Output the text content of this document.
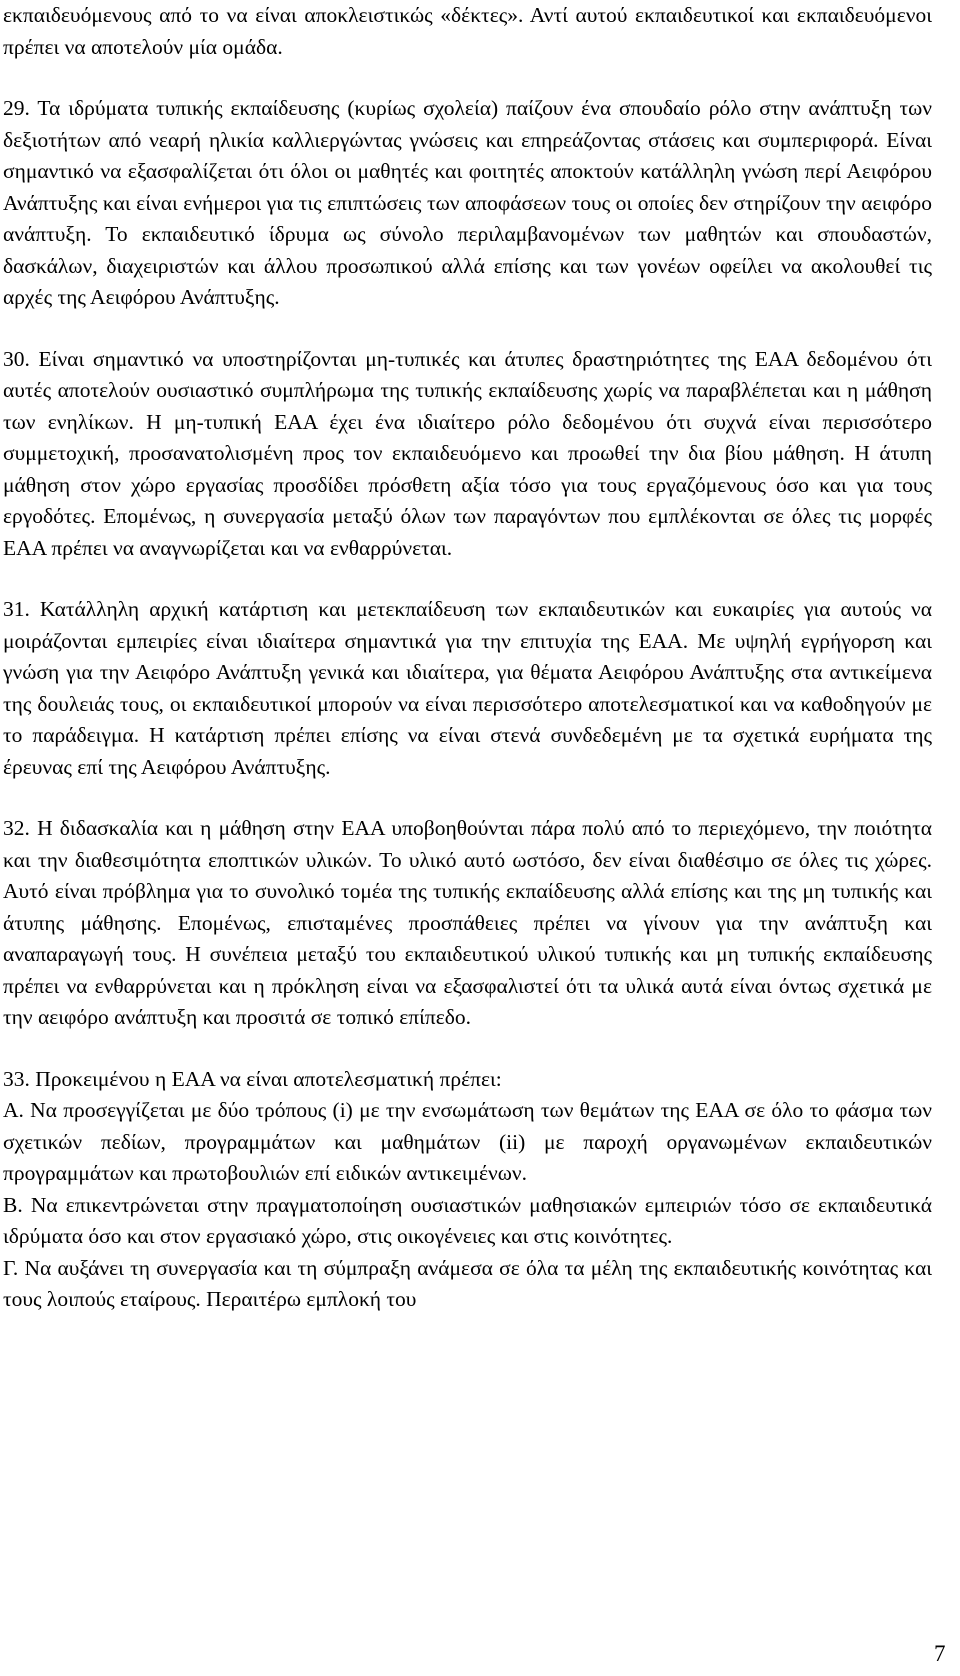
εκπαιδευόμενους από το να είναι αποκλειστικώς «δέκτες». Αντί αυτού εκπαιδευτικοί και εκπαιδευόμενοι πρέπει να αποτελούν μία ομάδα.

29. Τα ιδρύματα τυπικής εκπαίδευσης (κυρίως σχολεία) παίζουν ένα σπουδαίο ρόλο στην ανάπτυξη των δεξιοτήτων από νεαρή ηλικία καλλιεργώντας γνώσεις και επηρεάζοντας στάσεις και συμπεριφορά. Είναι σημαντικό να εξασφαλίζεται ότι όλοι οι μαθητές και φοιτητές αποκτούν κατάλληλη γνώση περί Αειφόρου Ανάπτυξης και είναι ενήμεροι για τις επιπτώσεις των αποφάσεων τους οι οποίες δεν στηρίζουν την αειφόρο ανάπτυξη. Το εκπαιδευτικό ίδρυμα ως σύνολο περιλαμβανομένων των μαθητών και σπουδαστών, δασκάλων, διαχειριστών και άλλου προσωπικού αλλά επίσης και των γονέων οφείλει να ακολουθεί τις αρχές της Αειφόρου Ανάπτυξης.

30. Είναι σημαντικό να υποστηρίζονται μη-τυπικές και άτυπες δραστηριότητες της ΕΑΑ δεδομένου ότι αυτές αποτελούν ουσιαστικό συμπλήρωμα της τυπικής εκπαίδευσης χωρίς να παραβλέπεται και η μάθηση των ενηλίκων. Η μη-τυπική ΕΑΑ έχει ένα ιδιαίτερο ρόλο δεδομένου ότι συχνά είναι περισσότερο συμμετοχική, προσανατολισμένη προς τον εκπαιδευόμενο και προωθεί την δια βίου μάθηση. Η άτυπη μάθηση στον χώρο εργασίας προσδίδει πρόσθετη αξία τόσο για τους εργαζόμενους όσο και για τους εργοδότες. Επομένως, η συνεργασία μεταξύ όλων των παραγόντων που εμπλέκονται σε όλες τις μορφές ΕΑΑ πρέπει να αναγνωρίζεται και να ενθαρρύνεται.

31. Κατάλληλη αρχική κατάρτιση και μετεκπαίδευση των εκπαιδευτικών και ευκαιρίες για αυτούς να μοιράζονται εμπειρίες είναι ιδιαίτερα σημαντικά για την επιτυχία της ΕΑΑ. Με υψηλή εγρήγορση και γνώση για την Αειφόρο Ανάπτυξη γενικά και ιδιαίτερα, για θέματα Αειφόρου Ανάπτυξης στα αντικείμενα της δουλειάς τους, οι εκπαιδευτικοί μπορούν να είναι περισσότερο αποτελεσματικοί και να καθοδηγούν με το παράδειγμα. Η κατάρτιση πρέπει επίσης να είναι στενά συνδεδεμένη με τα σχετικά ευρήματα της έρευνας επί της Αειφόρου Ανάπτυξης.

32. Η διδασκαλία και η μάθηση στην ΕΑΑ υποβοηθούνται πάρα πολύ από το περιεχόμενο, την ποιότητα και την διαθεσιμότητα εποπτικών υλικών. Το υλικό αυτό ωστόσο, δεν είναι διαθέσιμο σε όλες τις χώρες. Αυτό είναι πρόβλημα για το συνολικό τομέα της τυπικής εκπαίδευσης αλλά επίσης και της μη τυπικής και άτυπης μάθησης. Επομένως, επισταμένες προσπάθειες πρέπει να γίνουν για την ανάπτυξη και αναπαραγωγή τους. Η συνέπεια μεταξύ του εκπαιδευτικού υλικού τυπικής και μη τυπικής εκπαίδευσης πρέπει να ενθαρρύνεται και η πρόκληση είναι να εξασφαλιστεί ότι τα υλικά αυτά είναι όντως σχετικά με την αειφόρο ανάπτυξη και προσιτά σε τοπικό επίπεδο.

33. Προκειμένου η ΕΑΑ να είναι αποτελεσματική πρέπει:

Α. Να προσεγγίζεται με δύο τρόπους (i) με την ενσωμάτωση των θεμάτων της ΕΑΑ σε όλο το φάσμα των σχετικών πεδίων, προγραμμάτων και μαθημάτων (ii) με παροχή οργανωμένων εκπαιδευτικών προγραμμάτων και πρωτοβουλιών επί ειδικών αντικειμένων.

Β. Να επικεντρώνεται στην πραγματοποίηση ουσιαστικών μαθησιακών εμπειριών τόσο σε εκπαιδευτικά ιδρύματα όσο και στον εργασιακό χώρο, στις οικογένειες και στις κοινότητες.

Γ. Να αυξάνει τη συνεργασία και τη σύμπραξη ανάμεσα σε όλα τα μέλη της εκπαιδευτικής κοινότητας και τους λοιπούς εταίρους. Περαιτέρω εμπλοκή του

7
